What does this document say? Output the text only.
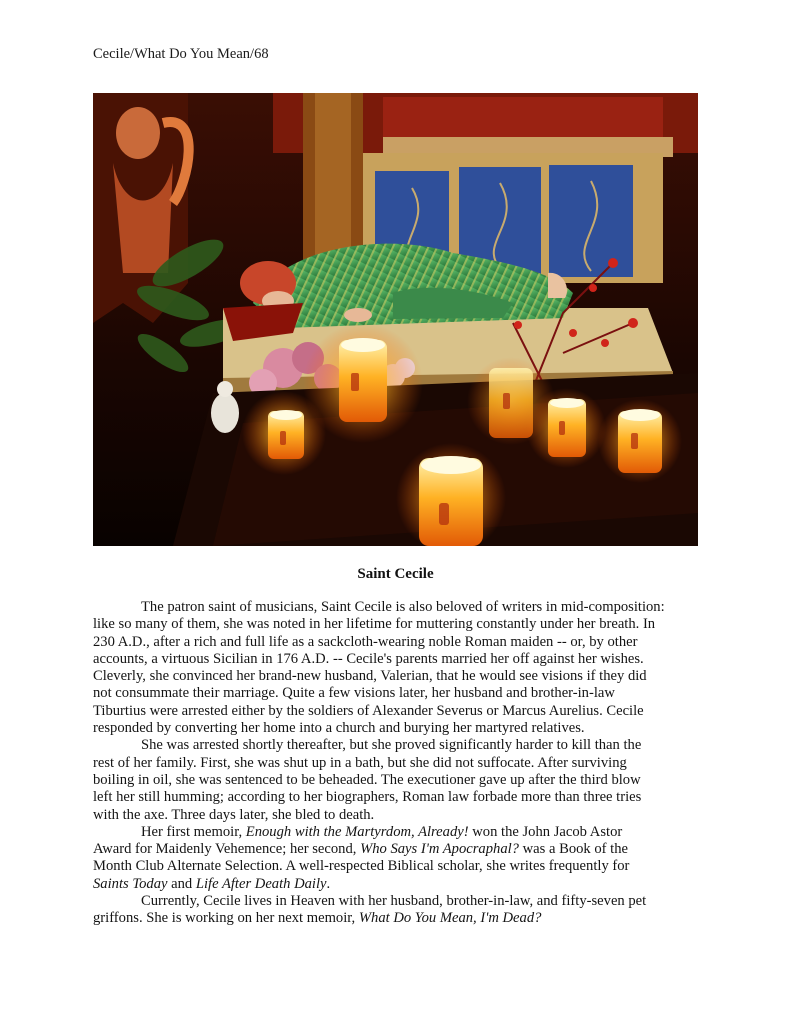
Cecile/What Do You Mean/68
Saint Cecile
The patron saint of musicians, Saint Cecile is also beloved of writers in mid-composition:
like so many of them, she was noted in her lifetime for muttering constantly under her breath. In
230 A.D., after a rich and full life as a sackcloth-wearing noble Roman maiden -- or, by other
accounts, a virtuous Sicilian in 176 A.D. -- Cecile's parents married her off against her wishes.
Cleverly, she convinced her brand-new husband, Valerian, that he would see visions if they did
not consummate their marriage. Quite a few visions later, her husband and brother-in-law
Tiburtius were arrested either by the soldiers of Alexander Severus or Marcus Aurelius. Cecile
responded by converting her home into a church and burying her martyred relatives.
She was arrested shortly thereafter, but she proved significantly harder to kill than the
rest of her family. First, she was shut up in a bath, but she did not suffocate. After surviving
boiling in oil, she was sentenced to be beheaded. The executioner gave up after the third blow
left her still humming; according to her biographers, Roman law forbade more than three tries
with the axe. Three days later, she bled to death.
Her first memoir, Enough with the Martyrdom, Already! won the John Jacob Astor
Award for Maidenly Vehemence; her second, Who Says I'm Apocraphal? was a Book of the
Month Club Alternate Selection. A well-respected Biblical scholar, she writes frequently for
Saints Today and Life After Death Daily.
Currently, Cecile lives in Heaven with her husband, brother-in-law, and fifty-seven pet
griffons. She is working on her next memoir, What Do You Mean, I'm Dead?
